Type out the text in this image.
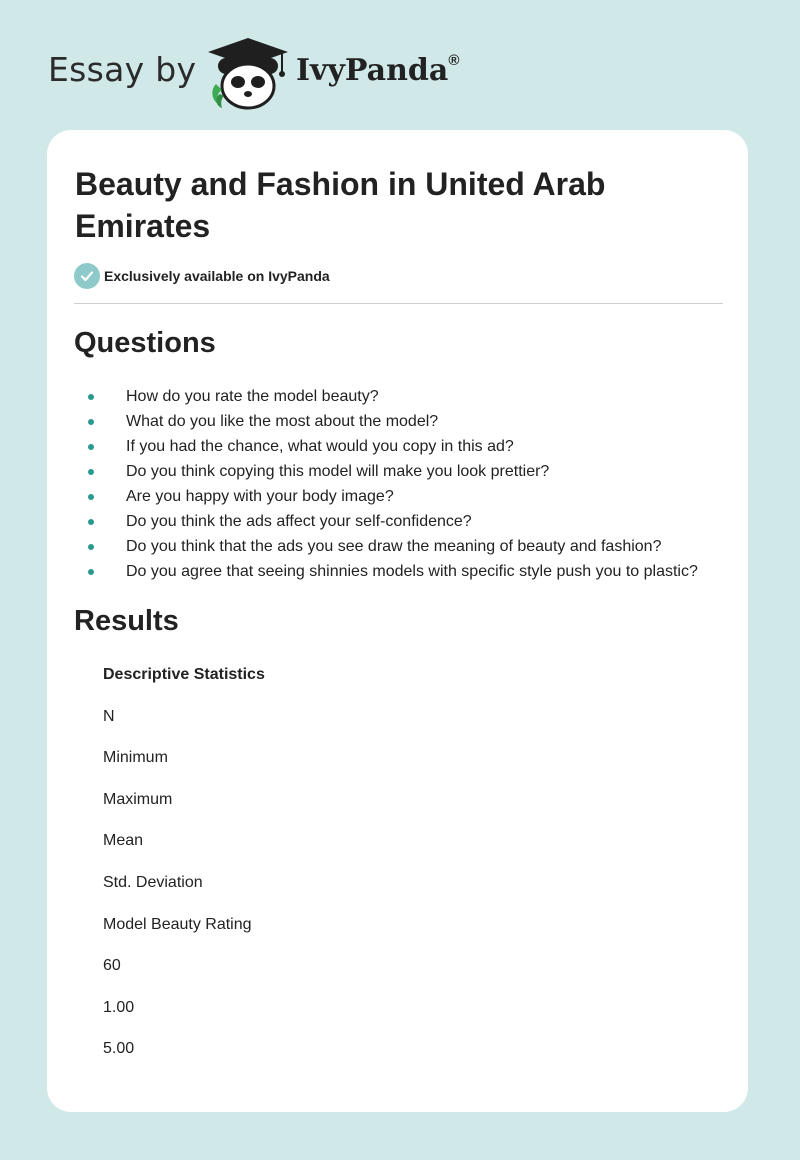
Essay by	IvyPanda®
Beauty and Fashion in United Arab Emirates
Exclusively available on IvyPanda
Questions
How do you rate the model beauty?
What do you like the most about the model?
If you had the chance, what would you copy in this ad?
Do you think copying this model will make you look prettier?
Are you happy with your body image?
Do you think the ads affect your self-confidence?
Do you think that the ads you see draw the meaning of beauty and fashion?
Do you agree that seeing shinnies models with specific style push you to plastic?
Results
Descriptive Statistics
N
Minimum
Maximum
Mean
Std. Deviation
Model Beauty Rating
60
1.00
5.00
